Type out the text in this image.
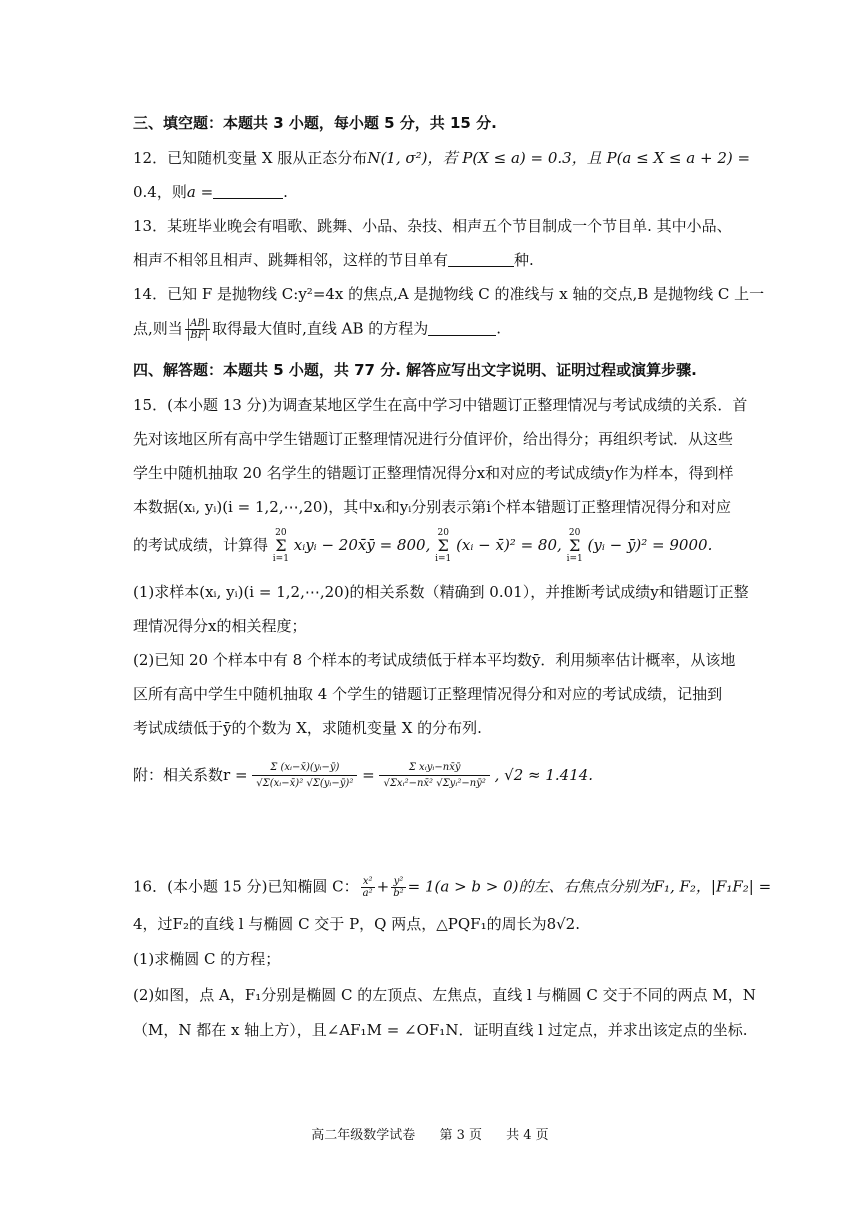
三、填空题：本题共 3 小题，每小题 5 分，共 15 分.
12．已知随机变量 X 服从正态分布N(1, σ²)，若 P(X ≤ a) = 0.3，且 P(a ≤ X ≤ a + 2) =
0.4，则a =	.
13．某班毕业晚会有唱歌、跳舞、小品、杂技、相声五个节目制成一个节目单. 其中小品、
相声不相邻且相声、跳舞相邻，这样的节目单有	种.
14．已知 F 是抛物线 C:y²=4x 的焦点,A 是抛物线 C 的准线与 x 轴的交点,B 是抛物线 C 上一
点,则当 $\frac{|AB|}{|BF|}$ 取得最大值时,直线 AB 的方程为	.
四、解答题：本题共 5 小题，共 77 分. 解答应写出文字说明、证明过程或演算步骤.
15．(本小题 13 分)为调查某地区学生在高中学习中错题订正整理情况与考试成绩的关系．首
先对该地区所有高中学生错题订正整理情况进行分值评价，给出得分；再组织考试．从这些
学生中随机抽取 20 名学生的错题订正整理情况得分x和对应的考试成绩y作为样本，得到样
本数据(xᵢ, yᵢ)(i = 1,2,⋯,20)，其中xᵢ和yᵢ分别表示第i个样本错题订正整理情况得分和对应
的考试成绩，计算得
20
Σ
i=1
xᵢyᵢ − 20x̄ȳ = 800,
20
Σ
i=1
(xᵢ − x̄)² = 80,
20
Σ
i=1
(yᵢ − ȳ)² = 9000.
(1)求样本(xᵢ, yᵢ)(i = 1,2,⋯,20)的相关系数（精确到 0.01），并推断考试成绩y和错题订正整
理情况得分x的相关程度；
(2)已知 20 个样本中有 8 个样本的考试成绩低于样本平均数ȳ．利用频率估计概率，从该地
区所有高中学生中随机抽取 4 个学生的错题订正整理情况得分和对应的考试成绩，记抽到
考试成绩低于ȳ的个数为 X，求随机变量 X 的分布列.
附：相关系数$r = \frac{\text{Σ (xᵢ−x̄)(yᵢ−ȳ)}}{\text{√Σ(xᵢ−x̄)² √Σ(yᵢ−ȳ)²}}$ =	Σ xᵢyᵢ−nx̄ȳ
√Σxᵢ²−nx̄² √Σyᵢ²−nȳ² , √2 ≈ 1.414.
16．(本小题 15 分)已知椭圆 C： $\frac{\text{x²}}{\text{a²}} + \frac{\text{y²}}{\text{b²}} = 1(a > b > 0)$的左、右焦点分别为F₁, F₂，|F₁F₂| =
4，过F₂的直线 l 与椭圆 C 交于 P，Q 两点，△PQF₁的周长为8√2.
(1)求椭圆 C 的方程；
(2)如图，点 A，F₁分别是椭圆 C 的左顶点、左焦点，直线 l 与椭圆 C 交于不同的两点 M，N
（M，N 都在 x 轴上方），且∠AF₁M = ∠OF₁N．证明直线 l 过定点，并求出该定点的坐标.
高二年级数学试卷 第 3 页 共 4 页
